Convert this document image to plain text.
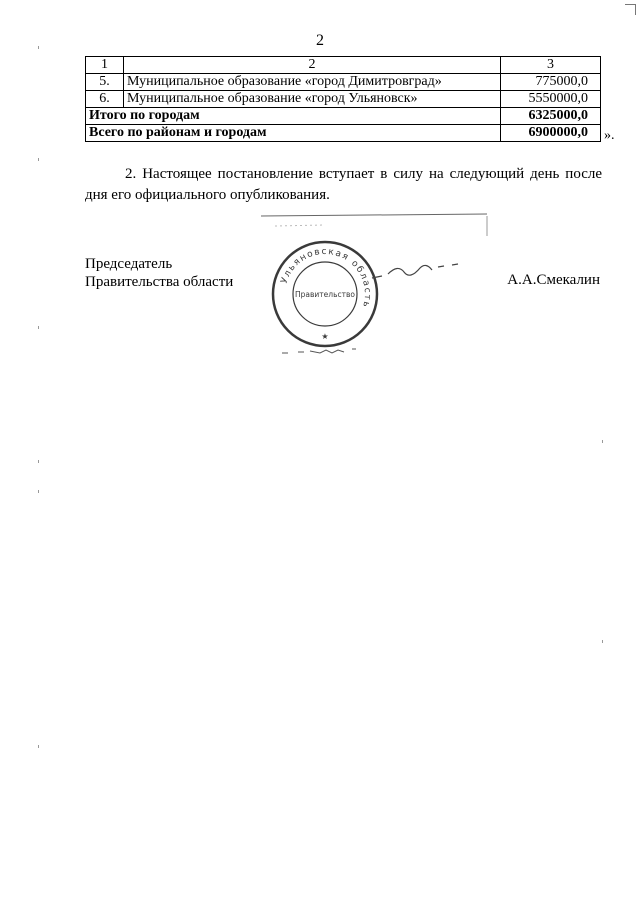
2
1	2	3
5.	Муниципальное образование «город Димитровград»	775000,0
6.	Муниципальное образование «город Ульяновск»	5550000,0
Итого по городам		6325000,0
Всего по районам и городам		6900000,0 ».
2. Настоящее постановление вступает в силу на следующий день после дня его официального опубликования.
Председатель
Правительства области	А.А.Смекалин
Ульяновская область
Правительство
★
